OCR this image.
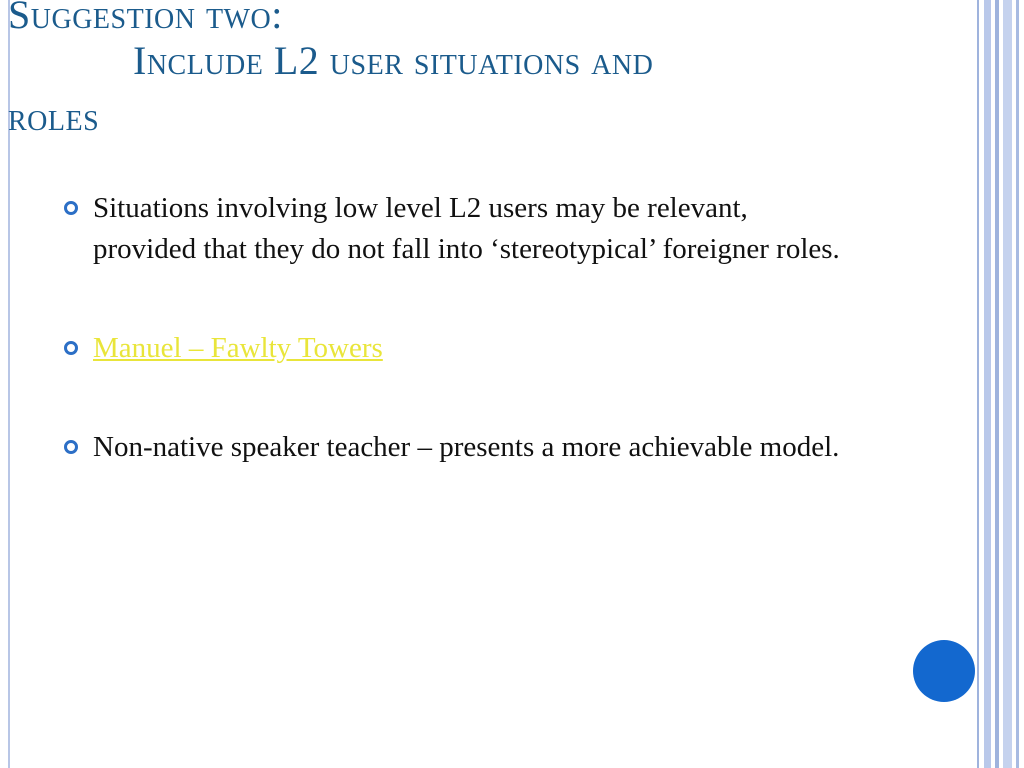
Suggestion two:
Include L2 user situations and
roles
Situations involving low level L2 users may be relevant, provided that they do not fall into ‘stereotypical’ foreigner roles.
Manuel – Fawlty Towers
Non-native speaker teacher – presents a more achievable model.
